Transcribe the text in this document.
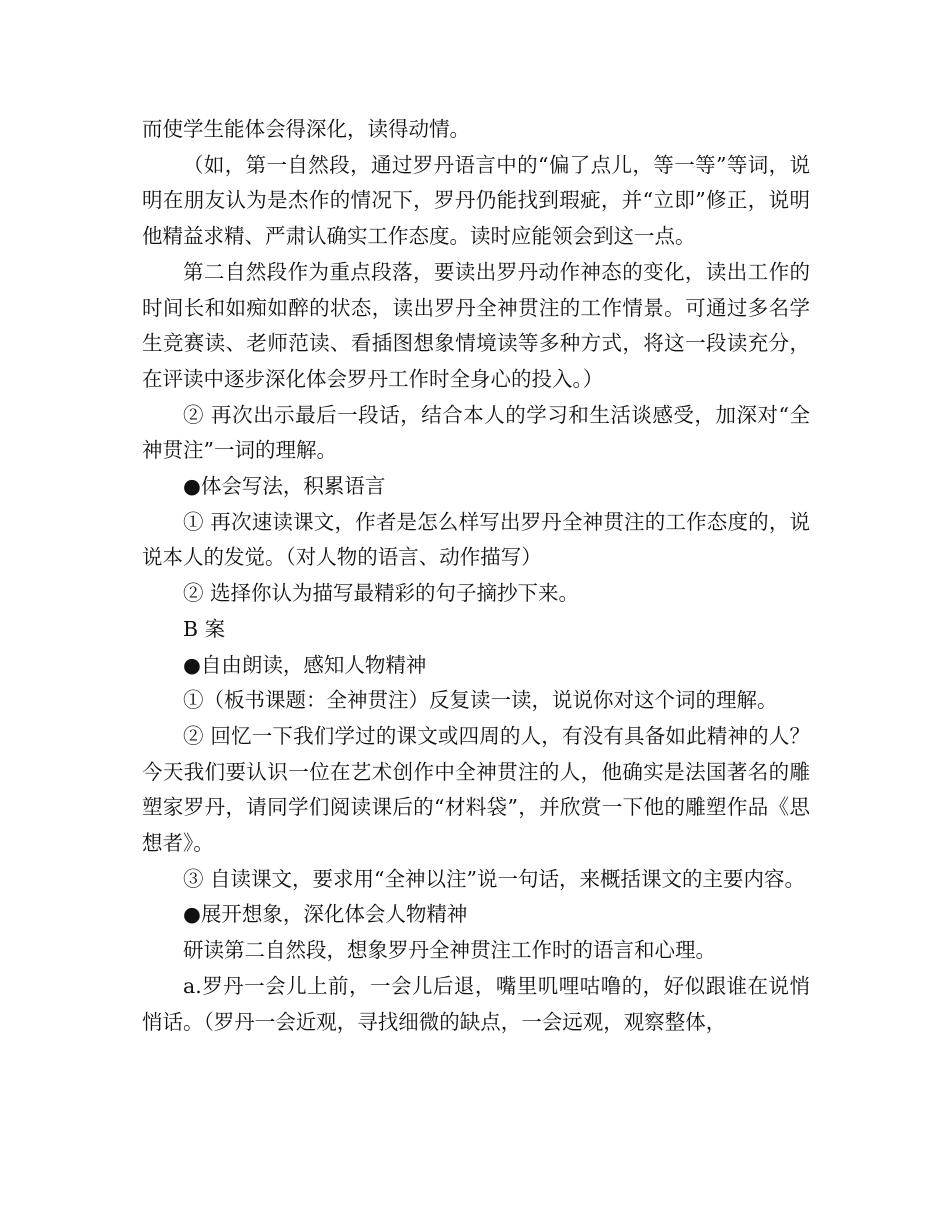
而使学生能体会得深化，读得动情。

（如，第一自然段，通过罗丹语言中的“偏了点儿，等一等”等词，说明在朋友认为是杰作的情况下，罗丹仍能找到瑕疵，并“立即”修正，说明他精益求精、严肃认确实工作态度。读时应能领会到这一点。

第二自然段作为重点段落，要读出罗丹动作神态的变化，读出工作的时间长和如痴如醉的状态，读出罗丹全神贯注的工作情景。可通过多名学生竞赛读、老师范读、看插图想象情境读等多种方式，将这一段读充分，在评读中逐步深化体会罗丹工作时全身心的投入。）

② 再次出示最后一段话，结合本人的学习和生活谈感受，加深对“全神贯注”一词的理解。

●体会写法，积累语言

① 再次速读课文，作者是怎么样写出罗丹全神贯注的工作态度的，说说本人的发觉。（对人物的语言、动作描写）

② 选择你认为描写最精彩的句子摘抄下来。

B 案

●自由朗读，感知人物精神

①（板书课题：全神贯注）反复读一读，说说你对这个词的理解。

② 回忆一下我们学过的课文或四周的人，有没有具备如此精神的人？今天我们要认识一位在艺术创作中全神贯注的人，他确实是法国著名的雕塑家罗丹，请同学们阅读课后的“材料袋”，并欣赏一下他的雕塑作品《思想者》。

③ 自读课文，要求用“全神以注”说一句话，来概括课文的主要内容。

●展开想象，深化体会人物精神

研读第二自然段，想象罗丹全神贯注工作时的语言和心理。

a.罗丹一会儿上前，一会儿后退，嘴里叽哩咕噜的，好似跟谁在说悄悄话。（罗丹一会近观，寻找细微的缺点，一会远观，观察整体，
